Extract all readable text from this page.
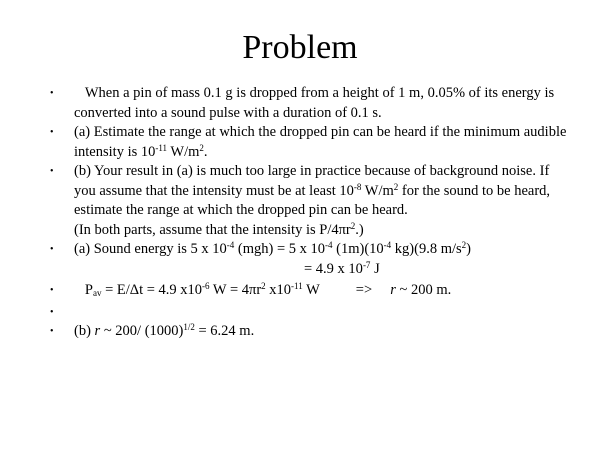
Problem
• When a pin of mass 0.1 g is dropped from a height of 1 m, 0.05% of its energy is converted into a sound pulse with a duration of 0.1 s.
• (a) Estimate the range at which the dropped pin can be heard if the minimum audible intensity is $10^{-11}$ $W/m^2$.
• (b) Your result in (a) is much too large in practice because of background noise. If you assume that the intensity must be at least $10^{-8}$ $W/m^2$ for the sound to be heard, estimate the range at which the dropped pin can be heard.
(In both parts, assume that the intensity is $P/4\pi r^2$.)
• (a) Sound energy is 5 x $10^{-4}$ (mgh) = 5 x $10^{-4}$ $(1m)(10^{-4}$ kg)(9.8 $m/s^2$)
= 4.9 x $10^{-7}$ J
• $P_{av} = E/\Delta t = 4.9$ $x10^{-6}$ $W = 4\pi r^2$ $x10^{-11}$ W => r ~ 200 m.
•

• (b) r ~ 200/ $(1000)^{1/2} = 6.24$ m.
